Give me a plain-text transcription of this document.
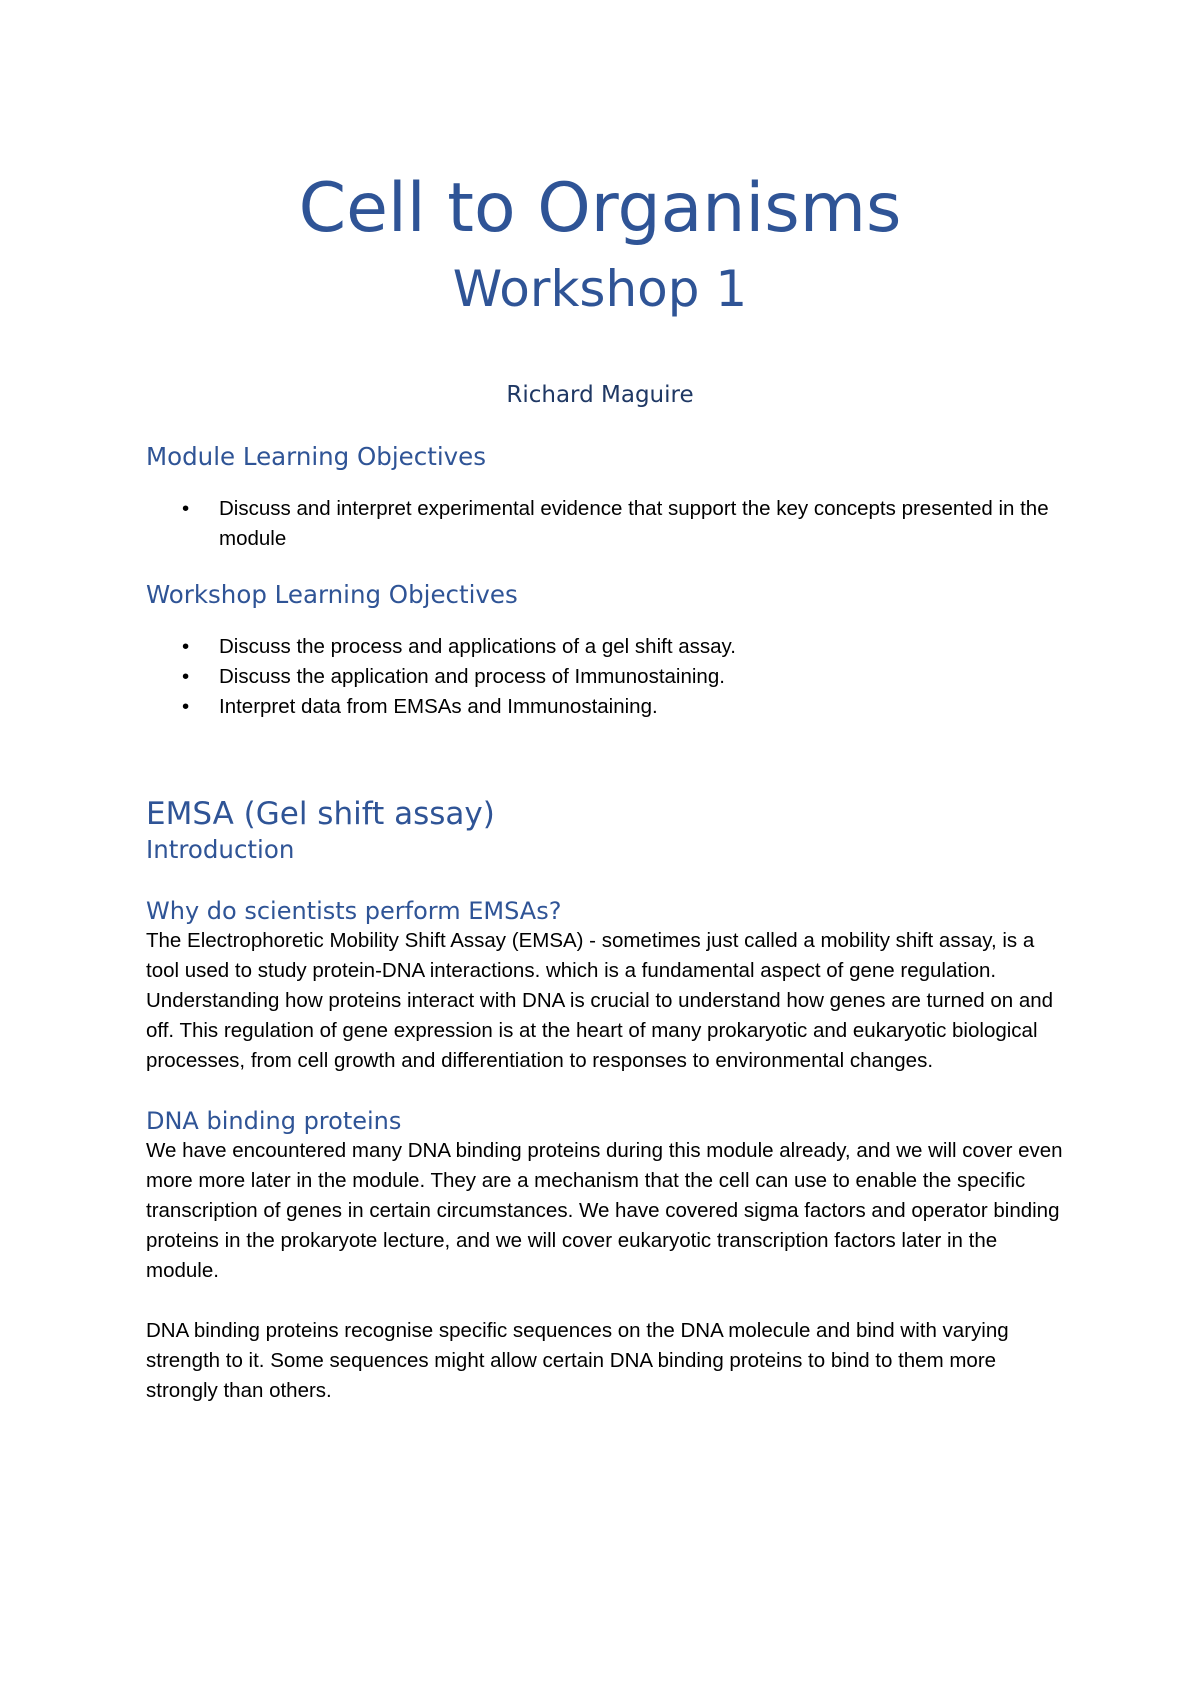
Cell to Organisms
Workshop 1
Richard Maguire
Module Learning Objectives
• Discuss and interpret experimental evidence that support the key concepts presented in the module
Workshop Learning Objectives
• Discuss the process and applications of a gel shift assay.
• Discuss the application and process of Immunostaining.
• Interpret data from EMSAs and Immunostaining.
EMSA (Gel shift assay)
Introduction
Why do scientists perform EMSAs?

The Electrophoretic Mobility Shift Assay (EMSA) - sometimes just called a mobility shift assay, is a tool used to study protein-DNA interactions. which is a fundamental aspect of gene regulation. Understanding how proteins interact with DNA is crucial to understand how genes are turned on and off. This regulation of gene expression is at the heart of many prokaryotic and eukaryotic biological processes, from cell growth and differentiation to responses to environmental changes.

DNA binding proteins

We have encountered many DNA binding proteins during this module already, and we will cover even more more later in the module. They are a mechanism that the cell can use to enable the specific transcription of genes in certain circumstances. We have covered sigma factors and operator binding proteins in the prokaryote lecture, and we will cover eukaryotic transcription factors later in the module.

DNA binding proteins recognise specific sequences on the DNA molecule and bind with varying strength to it. Some sequences might allow certain DNA binding proteins to bind to them more strongly than others.
